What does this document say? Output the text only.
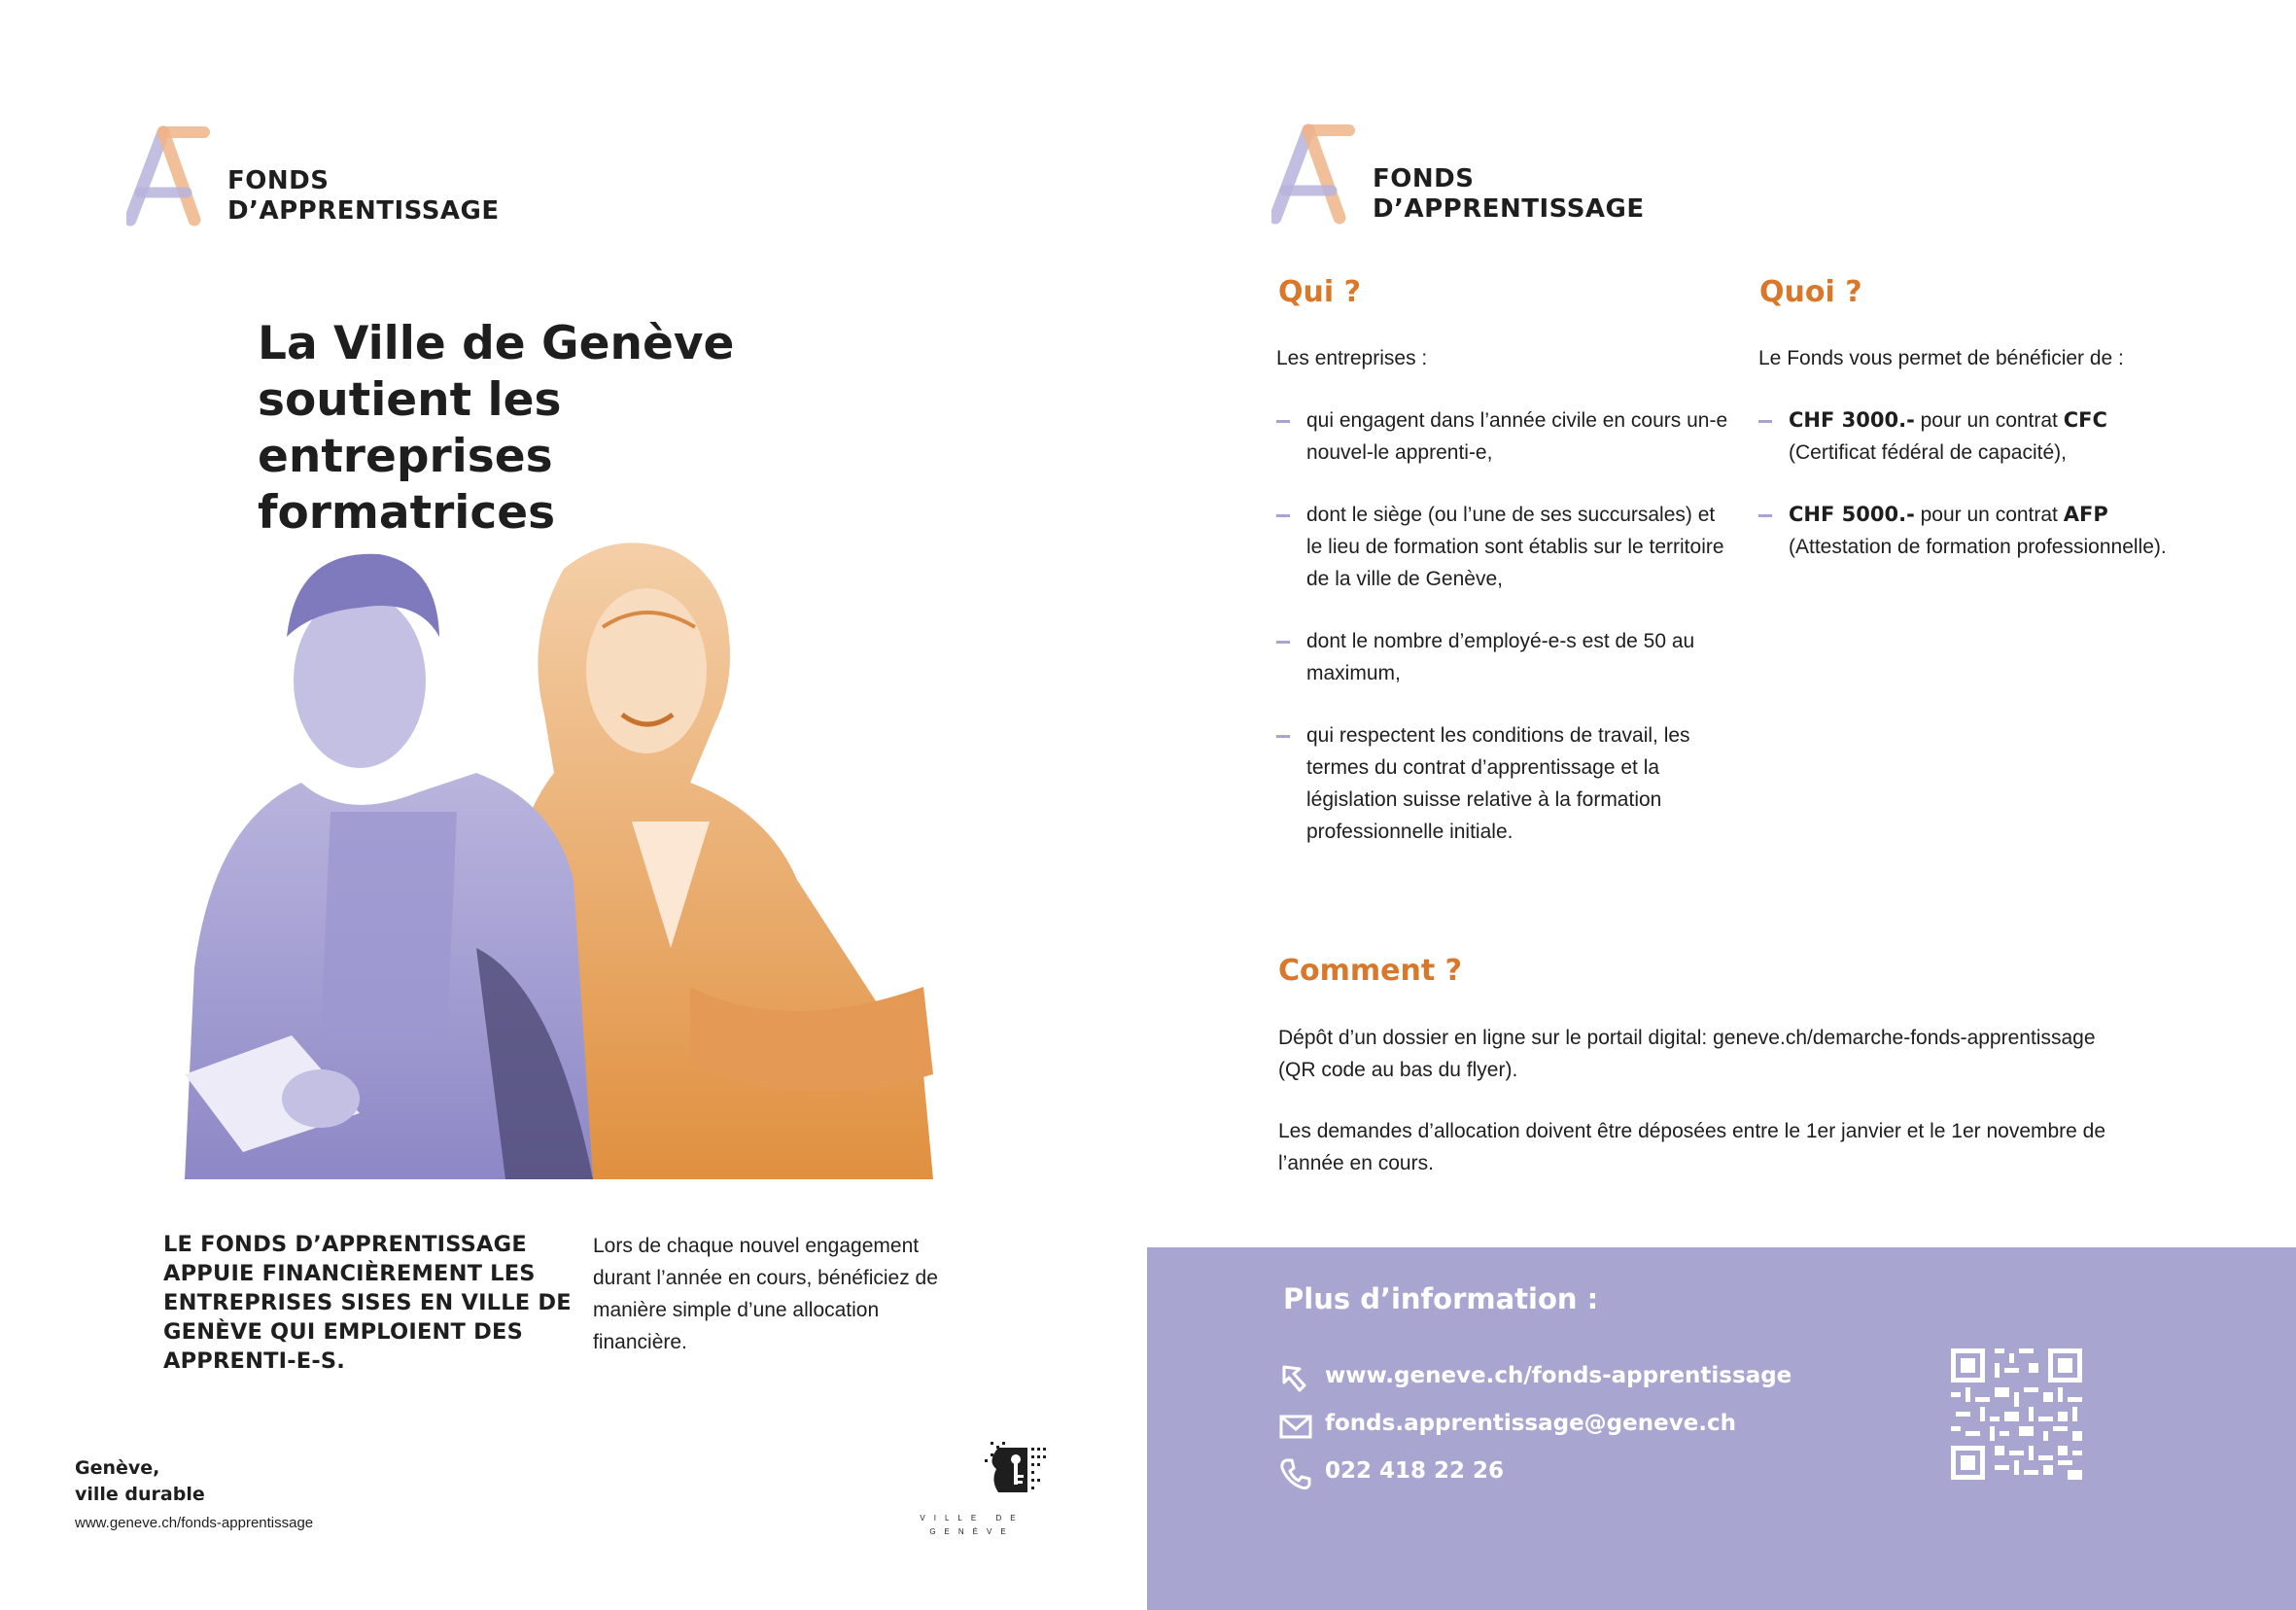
FONDS
D’APPRENTISSAGE
La Ville de Genève soutient les entreprises formatrices
LE FONDS D’APPRENTISSAGE APPUIE FINANCIÈREMENT LES ENTREPRISES SISES EN VILLE DE GENÈVE QUI EMPLOIENT DES APPRENTI-E-S.
Lors de chaque nouvel engagement durant l’année en cours, bénéficiez de manière simple d’une allocation financière.
Genève,
ville durable
www.geneve.ch/fonds-apprentissage	VILLE DE
GENÈVE
FONDS
D’APPRENTISSAGE
Qui ?
Les entreprises :
qui engagent dans l’année civile en cours un-e nouvel-le apprenti-e,
dont le siège (ou l’une de ses succursales) et le lieu de formation sont établis sur le territoire de la ville de Genève,
dont le nombre d’employé-e-s est de 50 au maximum,
qui respectent les conditions de travail, les termes du contrat d’apprentissage et la législation suisse relative à la formation professionnelle initiale.
Quoi ?
Le Fonds vous permet de bénéficier de :
CHF 3000.- pour un contrat CFC
(Certificat fédéral de capacité),
CHF 5000.- pour un contrat AFP
(Attestation de formation professionnelle).
Comment ?
Dépôt d’un dossier en ligne sur le portail digital: geneve.ch/demarche-fonds-apprentissage
(QR code au bas du flyer).
Les demandes d’allocation doivent être déposées entre le 1er janvier et le 1er novembre de
l’année en cours.
Plus d’information :
www.geneve.ch/fonds-apprentissage
fonds.apprentissage@geneve.ch
022 418 22 26
